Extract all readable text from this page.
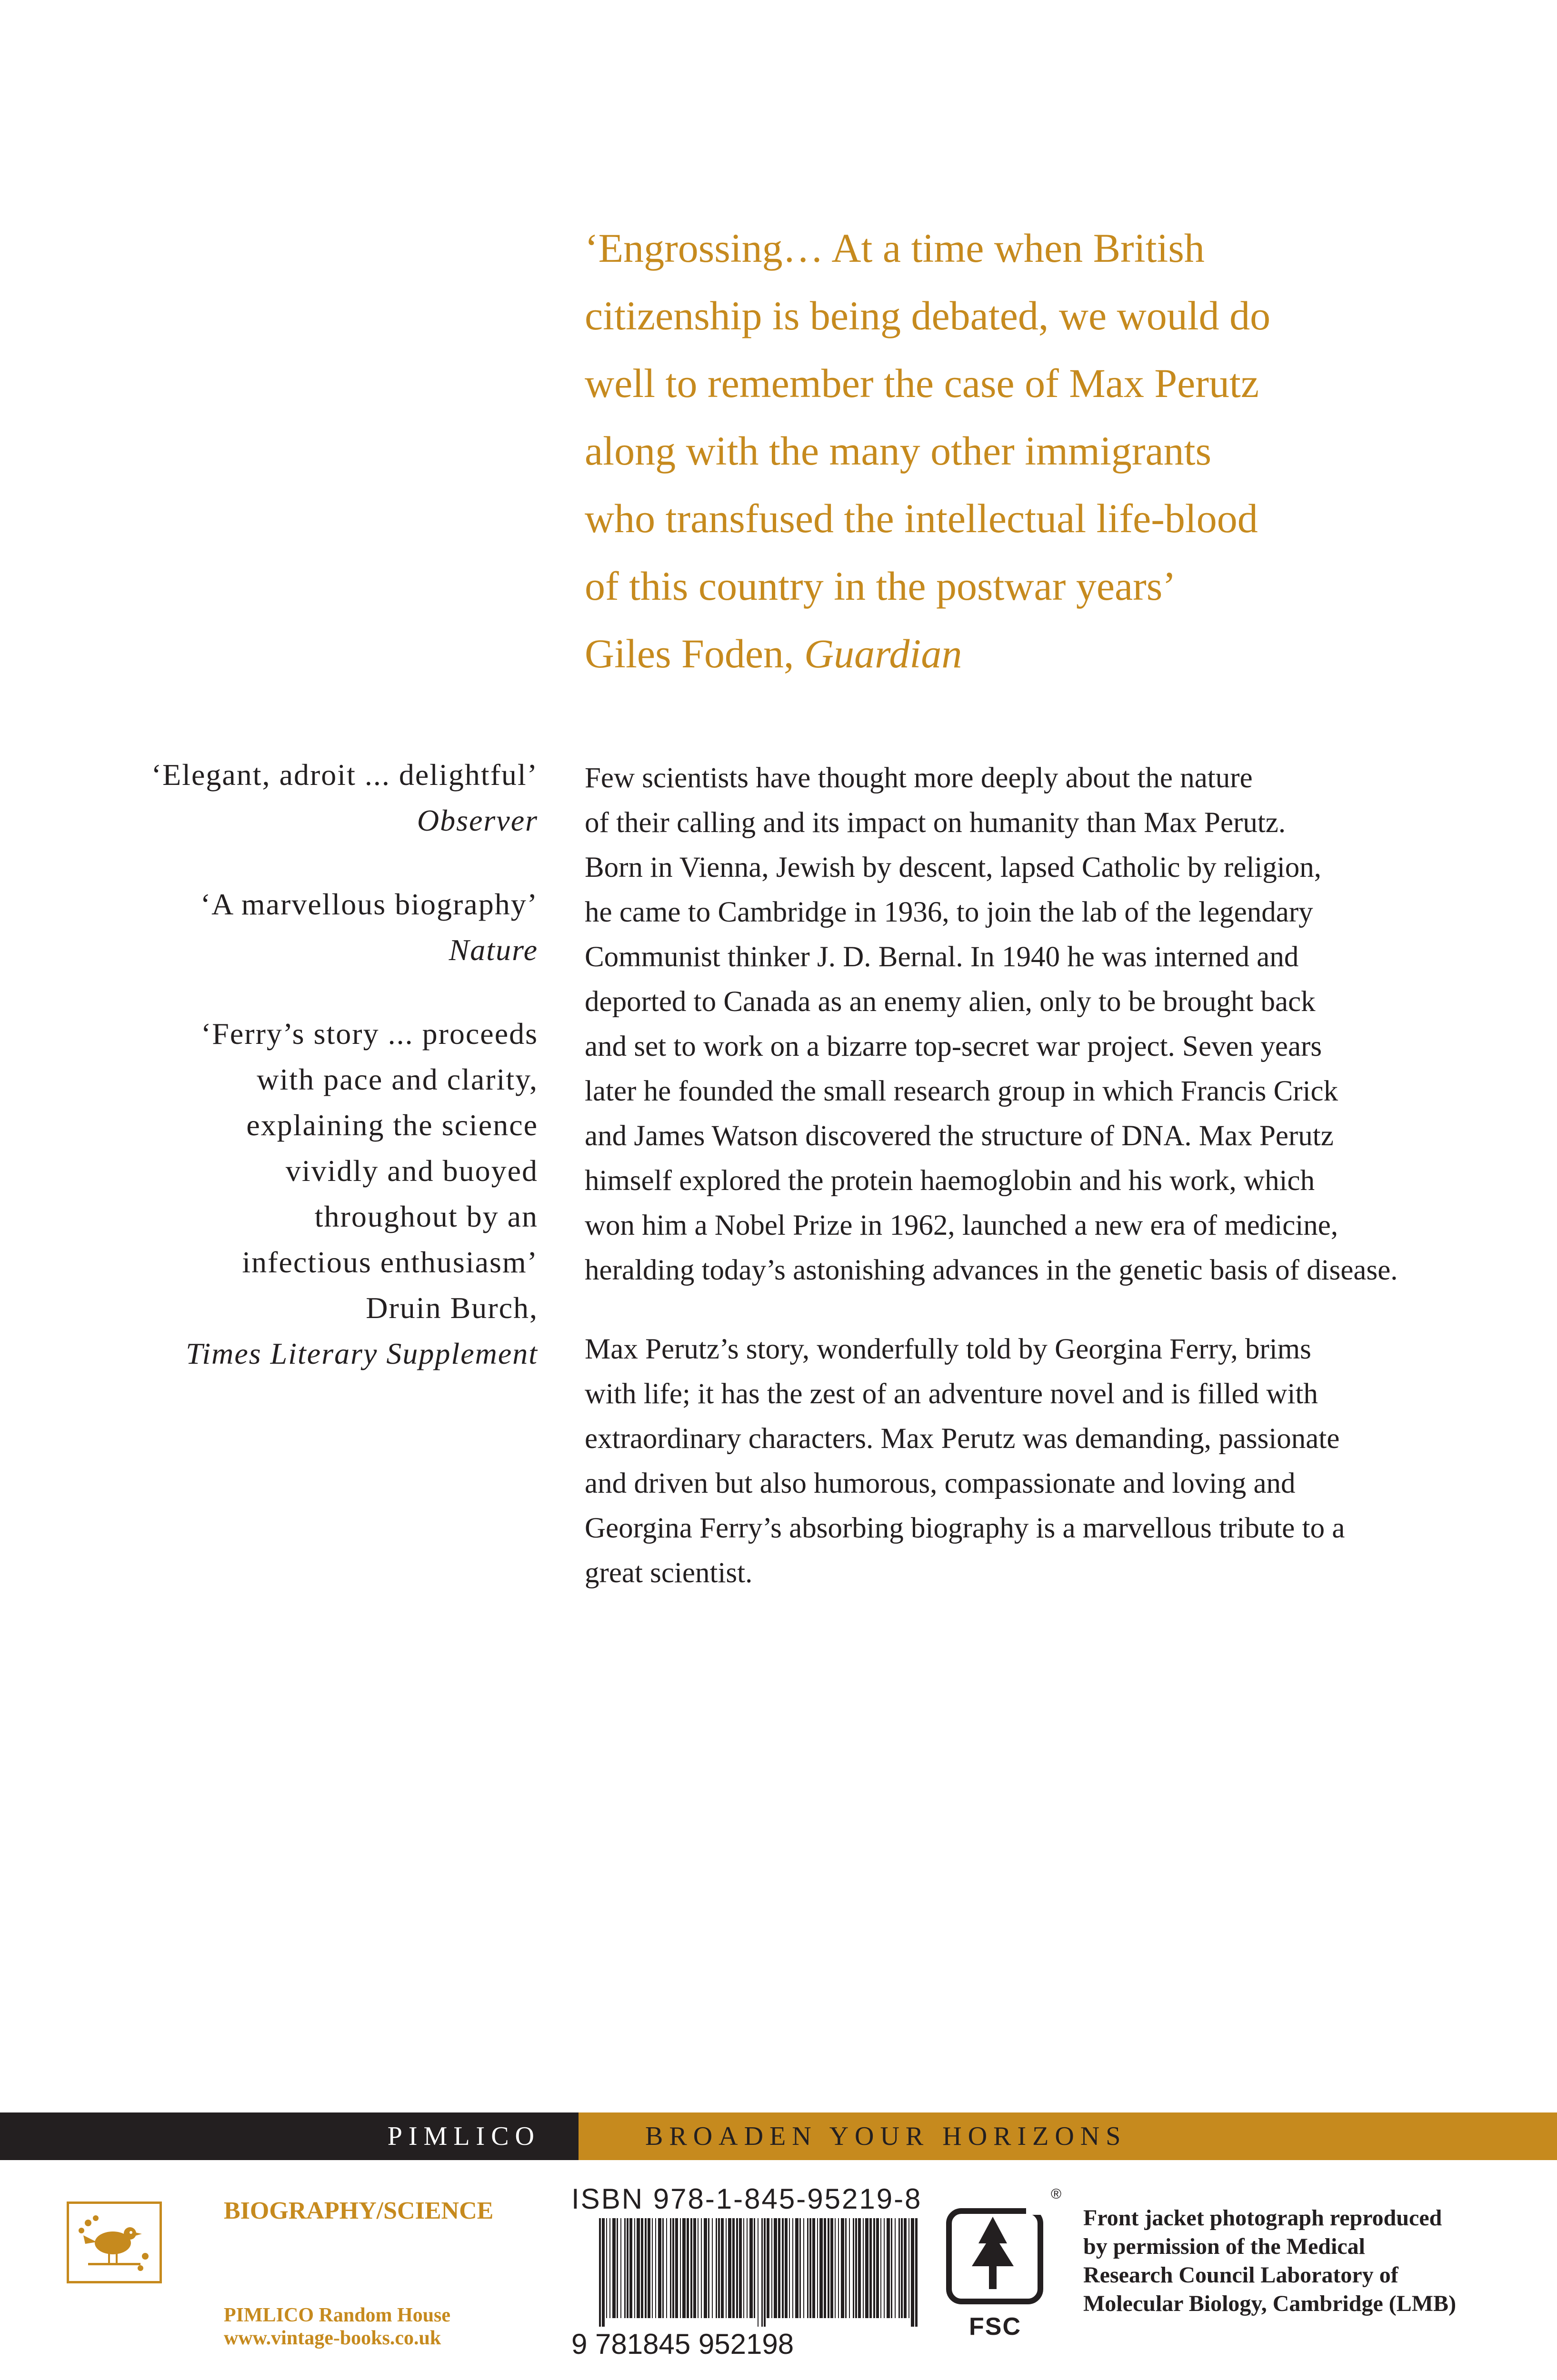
‘Engrossing… At a time when British
citizenship is being debated, we would do
well to remember the case of Max Perutz
along with the many other immigrants
who transfused the intellectual life-blood
of this country in the postwar years’
Giles Foden, Guardian
‘Elegant, adroit ... delightful’
Observer
‘A marvellous biography’
Nature
‘Ferry’s story ... proceeds
with pace and clarity,
explaining the science
vividly and buoyed
throughout by an
infectious enthusiasm’
Druin Burch,
Times Literary Supplement
Few scientists have thought more deeply about the nature
of their calling and its impact on humanity than Max Perutz.
Born in Vienna, Jewish by descent, lapsed Catholic by religion,
he came to Cambridge in 1936, to join the lab of the legendary
Communist thinker J. D. Bernal. In 1940 he was interned and
deported to Canada as an enemy alien, only to be brought back
and set to work on a bizarre top-secret war project. Seven years
later he founded the small research group in which Francis Crick
and James Watson discovered the structure of DNA. Max Perutz
himself explored the protein haemoglobin and his work, which
won him a Nobel Prize in 1962, launched a new era of medicine,
heralding today’s astonishing advances in the genetic basis of disease.
Max Perutz’s story, wonderfully told by Georgina Ferry, brims
with life; it has the zest of an adventure novel and is filled with
extraordinary characters. Max Perutz was demanding, passionate
and driven but also humorous, compassionate and loving and
Georgina Ferry’s absorbing biography is a marvellous tribute to a
great scientist.
PIMLICO	BROADEN YOUR HORIZONS
BIOGRAPHY/SCIENCE
PIMLICO Random House
www.vintage-books.co.uk
ISBN 978-1-845-95219-8
9 781845 952198
®
FSC
Front jacket photograph reproduced
by permission of the Medical
Research Council Laboratory of
Molecular Biology, Cambridge (LMB)
